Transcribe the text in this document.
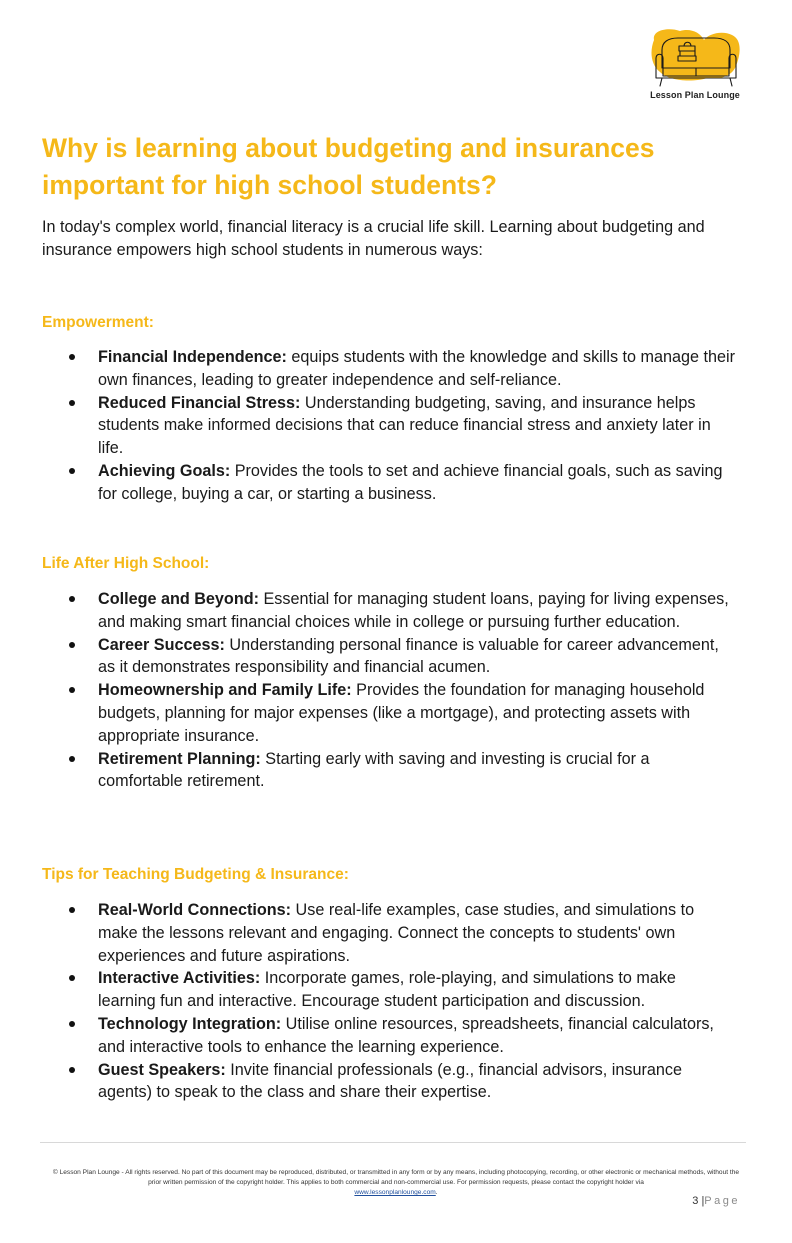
Lesson Plan Lounge
Why is learning about budgeting and insurances important for high school students?

In today's complex world, financial literacy is a crucial life skill. Learning about budgeting and insurance empowers high school students in numerous ways:

Empowerment:
Financial Independence: equips students with the knowledge and skills to manage their own finances, leading to greater independence and self-reliance.
Reduced Financial Stress: Understanding budgeting, saving, and insurance helps students make informed decisions that can reduce financial stress and anxiety later in life.
Achieving Goals: Provides the tools to set and achieve financial goals, such as saving for college, buying a car, or starting a business.
Life After High School:
College and Beyond: Essential for managing student loans, paying for living expenses, and making smart financial choices while in college or pursuing further education.
Career Success: Understanding personal finance is valuable for career advancement, as it demonstrates responsibility and financial acumen.
Homeownership and Family Life: Provides the foundation for managing household budgets, planning for major expenses (like a mortgage), and protecting assets with appropriate insurance.
Retirement Planning: Starting early with saving and investing is crucial for a comfortable retirement.
Tips for Teaching Budgeting & Insurance:
Real-World Connections: Use real-life examples, case studies, and simulations to make the lessons relevant and engaging. Connect the concepts to students' own experiences and future aspirations.
Interactive Activities: Incorporate games, role-playing, and simulations to make learning fun and interactive. Encourage student participation and discussion.
Technology Integration: Utilise online resources, spreadsheets, financial calculators, and interactive tools to enhance the learning experience.
Guest Speakers: Invite financial professionals (e.g., financial advisors, insurance agents) to speak to the class and share their expertise.

© Lesson Plan Lounge - All rights reserved. No part of this document may be reproduced, distributed, or transmitted in any form or by any means, including photocopying, recording, or other electronic or mechanical methods, without the prior written permission of the copyright holder. This applies to both commercial and non-commercial use. For permission requests, please contact the copyright holder via
www.lessonplanlounge.com.

3 |Page
